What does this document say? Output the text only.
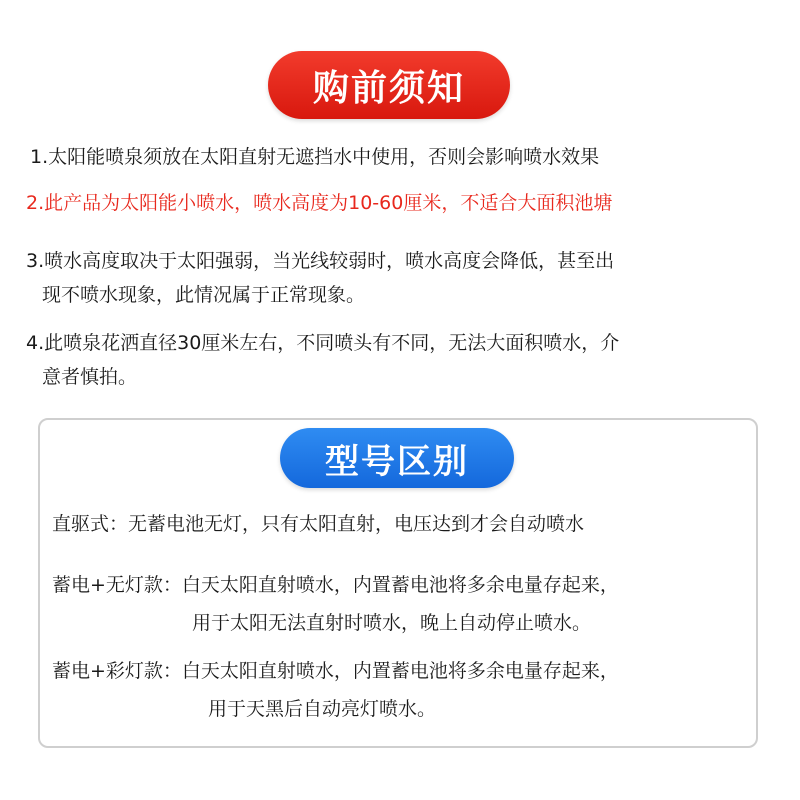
购前须知
1.太阳能喷泉须放在太阳直射无遮挡水中使用，否则会影响喷水效果
2.此产品为太阳能小喷水，喷水高度为10-60厘米，不适合大面积池塘
3.喷水高度取决于太阳强弱，当光线较弱时，喷水高度会降低，甚至出
现不喷水现象，此情况属于正常现象。
4.此喷泉花洒直径30厘米左右，不同喷头有不同，无法大面积喷水，介
意者慎拍。
型号区别
直驱式：无蓄电池无灯，只有太阳直射，电压达到才会自动喷水
蓄电+无灯款：白天太阳直射喷水，内置蓄电池将多余电量存起来，
用于太阳无法直射时喷水，晚上自动停止喷水。
蓄电+彩灯款：白天太阳直射喷水，内置蓄电池将多余电量存起来，
用于天黑后自动亮灯喷水。
